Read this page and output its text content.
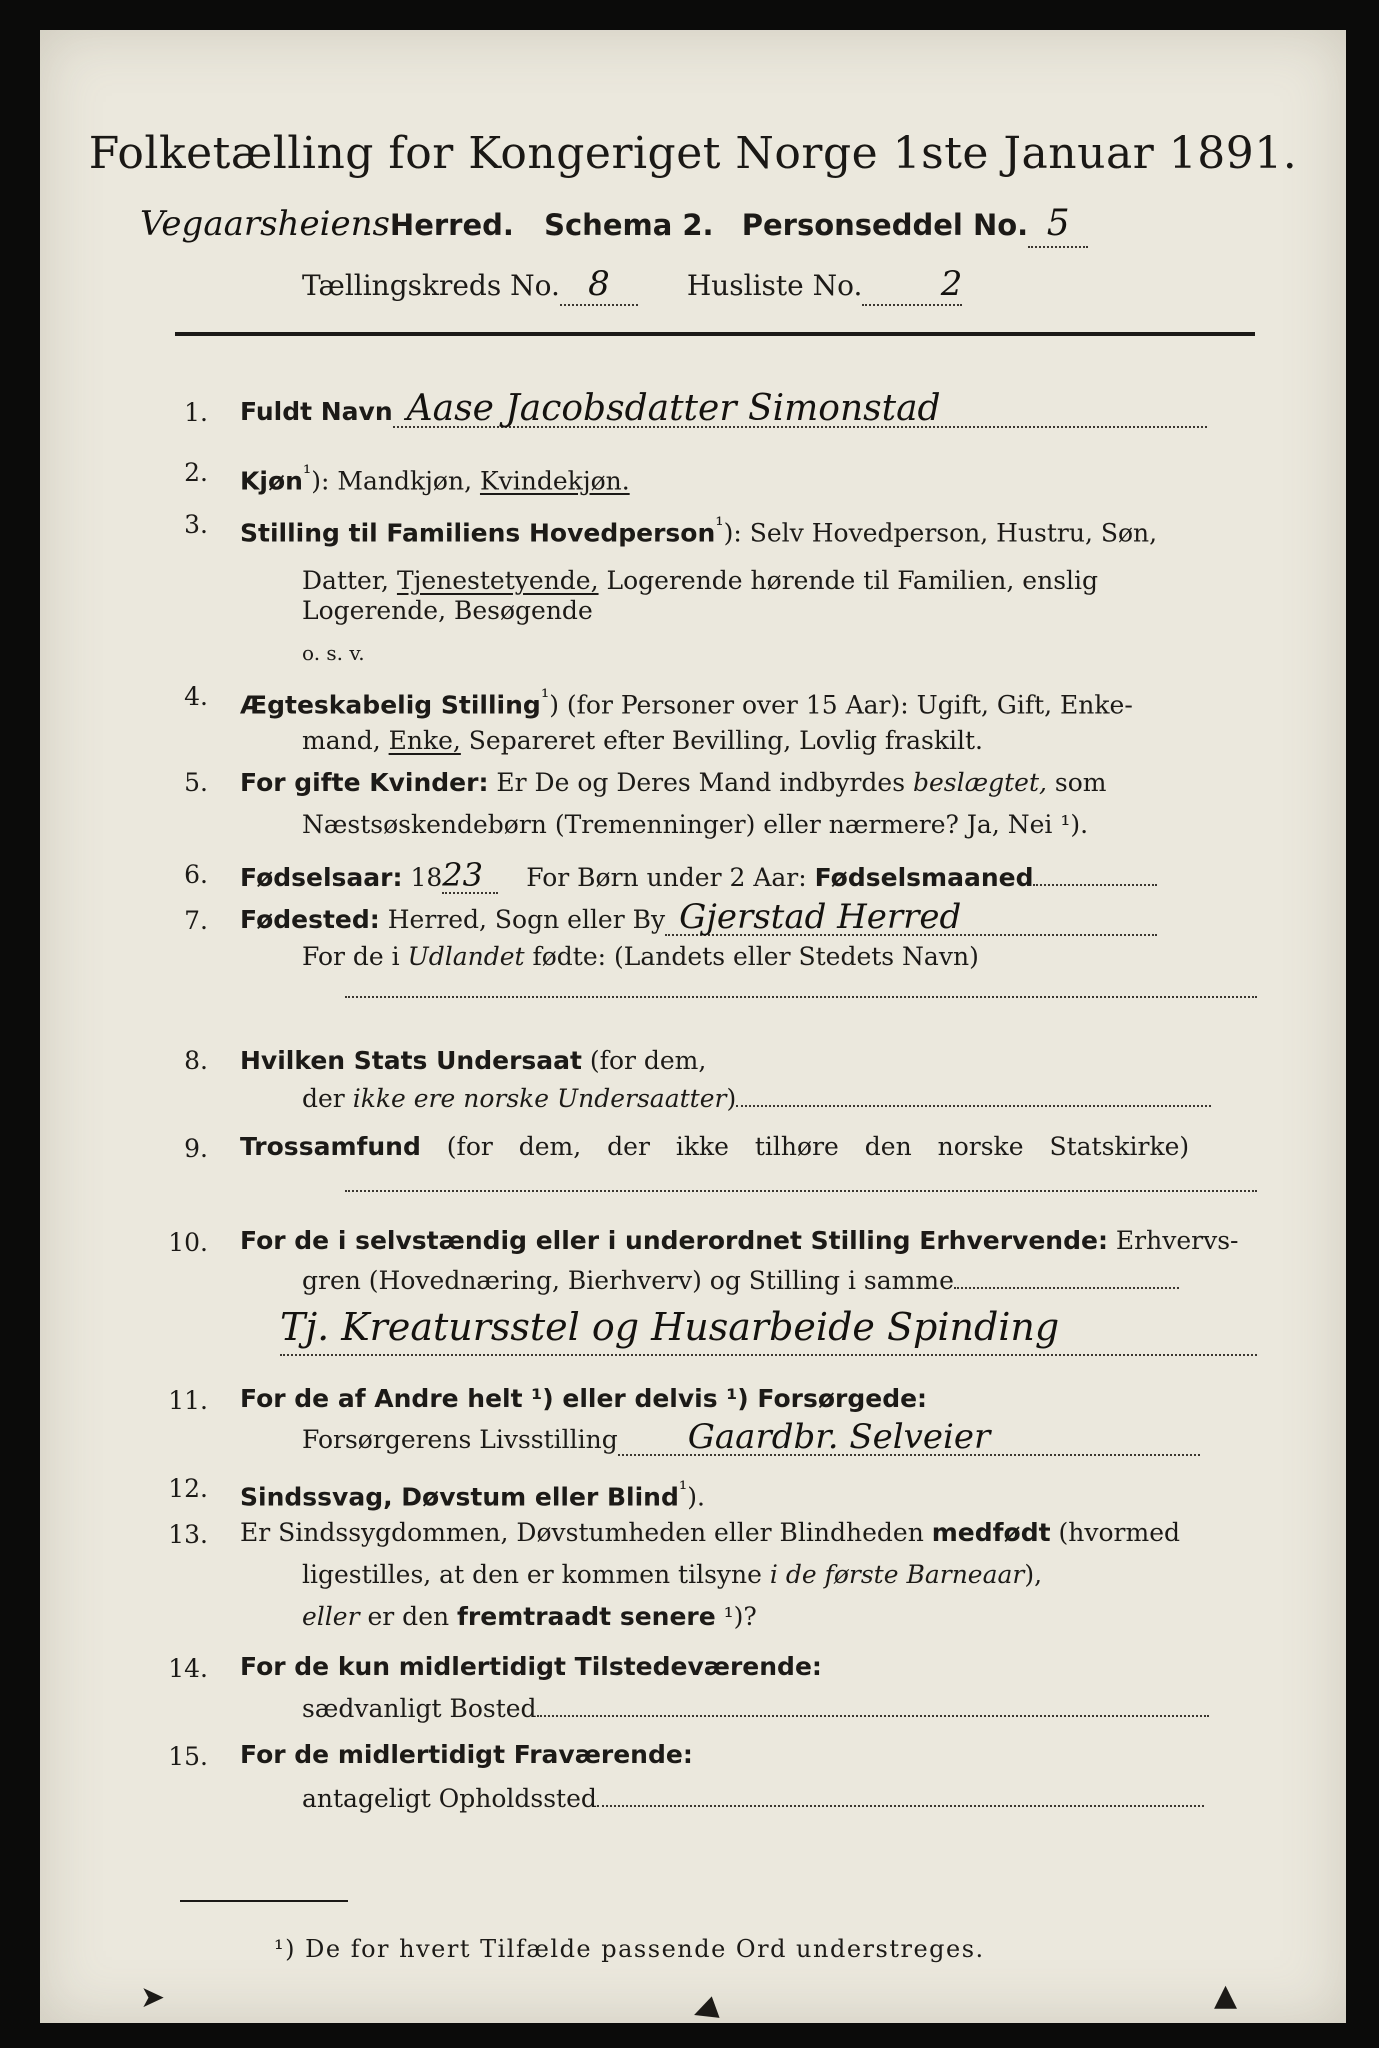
Folketælling for Kongeriget Norge 1ste Januar 1891.
VegaarsheiensHerred. Schema 2. Personseddel No. 5
Tællingskreds No. 8	Husliste No. 2
1. Fuldt Navn Aase Jacobsdatter Simonstad
2. Kjøn$^{^1}$): Mandkjøn, Kvindekjøn.
3. Stilling til Familiens Hovedperson$^{^1}$): Selv Hovedperson, Hustru, Søn,
Datter, Tjenestetyende, Logerende hørende til Familien, enslig
Logerende, Besøgende
o. s. v.
4. Ægteskabelig Stilling$^{^1}$) (for Personer over 15 Aar): Ugift, Gift, Enke-
mand, Enke, Separeret efter Bevilling, Lovlig fraskilt.
5. For gifte Kvinder: Er De og Deres Mand indbyrdes beslægtet, som
Næstsøskendebørn (Tremenninger) eller nærmere? Ja, Nei ¹).
6. Fødselsaar: 1823 For Børn under 2 Aar: Fødselsmaaned
7. Fødested: Herred, Sogn eller By Gjerstad Herred
For de i Udlandet fødte: (Landets eller Stedets Navn)
8. Hvilken Stats Undersaat (for dem,
der ikke ere norske Undersaatter)
9. Trossamfund (for dem, der ikke tilhøre den norske Statskirke)
10. For de i selvstændig eller i underordnet Stilling Erhvervende: Erhvervs-
gren (Hovednæring, Bierhverv) og Stilling i samme
Tj. Kreatursstel og Husarbeide Spinding
11. For de af Andre helt ¹) eller delvis ¹) Forsørgede:
Forsørgerens Livsstilling Gaardbr. Selveier
12. Sindssvag, Døvstum eller Blind$^{^1}$).
13. Er Sindssygdommen, Døvstumheden eller Blindheden medfødt (hvormed
ligestilles, at den er kommen tilsyne i de første Barneaar),
eller er den fremtraadt senere ¹)?
14. For de kun midlertidigt Tilstedeværende:
sædvanligt Bosted
15. For de midlertidigt Fraværende:
antageligt Opholdssted
¹) De for hvert Tilfælde passende Ord understreges.
➤	▼	▲
